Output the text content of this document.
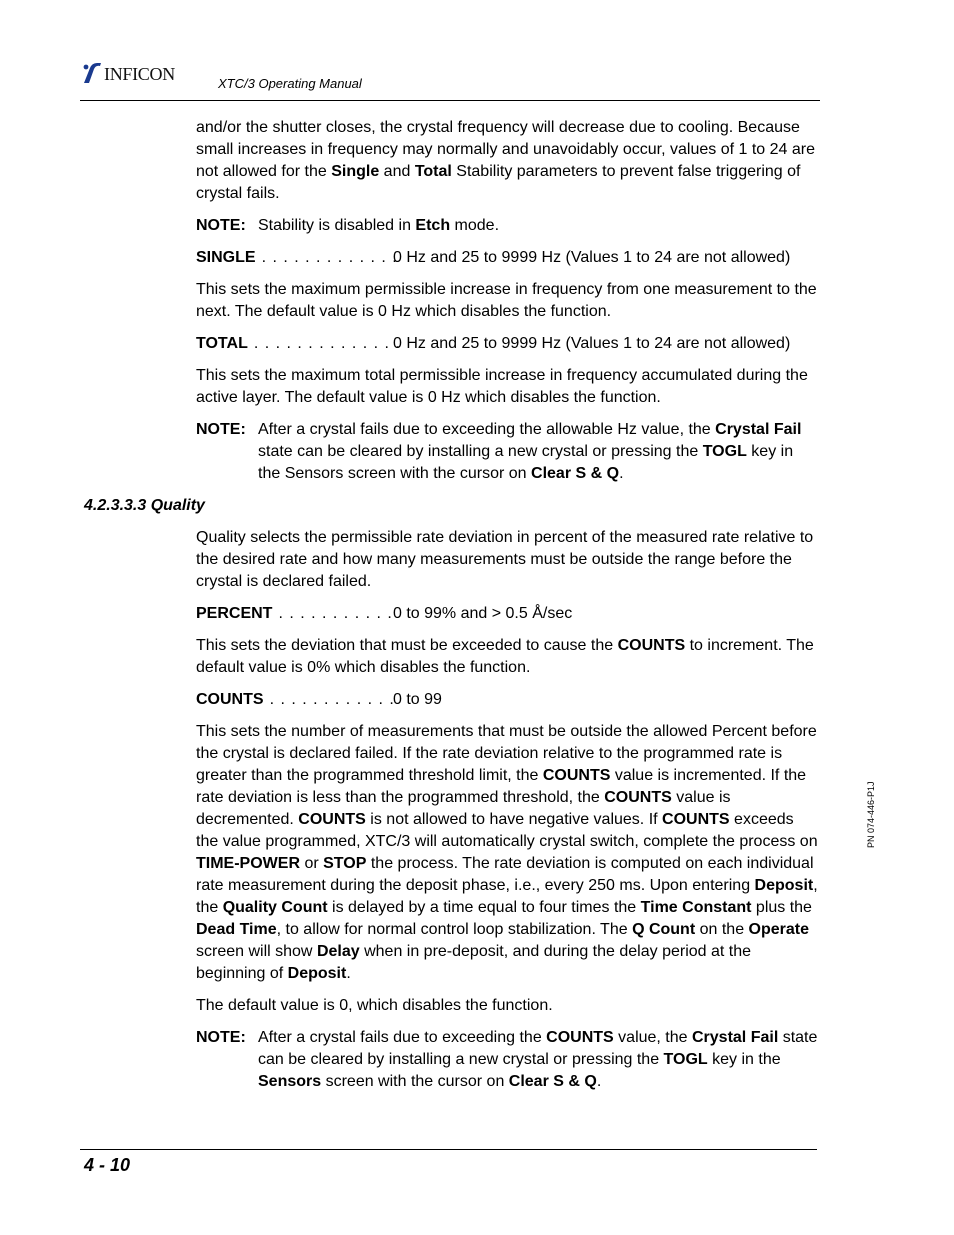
INFICON	XTC/3 Operating Manual

and/or the shutter closes, the crystal frequency will decrease due to cooling. Because small increases in frequency may normally and unavoidably occur, values of 1 to 24 are not allowed for the Single and Total Stability parameters to prevent false triggering of crystal fails.

NOTE: Stability is disabled in Etch mode.
SINGLE . . . . . . . . . . . . .
0 Hz and 25 to 9999 Hz (Values 1 to 24 are not allowed)

This sets the maximum permissible increase in frequency from one measurement to the next. The default value is 0 Hz which disables the function.

TOTAL . . . . . . . . . . . . . .
0 Hz and 25 to 9999 Hz (Values 1 to 24 are not allowed)

This sets the maximum total permissible increase in frequency accumulated during the active layer. The default value is 0 Hz which disables the function.

NOTE: After a crystal fails due to exceeding the allowable Hz value, the Crystal Fail state can be cleared by installing a new crystal or pressing the TOGL key in the Sensors screen with the cursor on Clear S & Q.
4.2.3.3.3 Quality

Quality selects the permissible rate deviation in percent of the measured rate relative to the desired rate and how many measurements must be outside the range before the crystal is declared failed.

PERCENT . . . . . . . . . . . 0 to 99% and > 0.5 Å/sec

This sets the deviation that must be exceeded to cause the COUNTS to increment. The default value is 0% which disables the function.

COUNTS . . . . . . . . . . . .
0 to 99

This sets the number of measurements that must be outside the allowed Percent before the crystal is declared failed. If the rate deviation relative to the programmed rate is greater than the programmed threshold limit, the COUNTS value is incremented. If the rate deviation is less than the programmed threshold, the COUNTS value is decremented. COUNTS is not allowed to have negative values. If COUNTS exceeds the value programmed, XTC/3 will automatically crystal switch, complete the process on TIME-POWER or STOP the process. The rate deviation is computed on each individual rate measurement during the deposit phase, i.e., every 250 ms. Upon entering Deposit, the Quality Count is delayed by a time equal to four times the Time Constant plus the Dead Time, to allow for normal control loop stabilization. The Q Count on the Operate screen will show Delay when in pre-deposit, and during the delay period at the beginning of Deposit.

The default value is 0, which disables the function.

NOTE: After a crystal fails due to exceeding the COUNTS value, the Crystal Fail state can be cleared by installing a new crystal or pressing the TOGL key in the Sensors screen with the cursor on Clear S & Q.
PN 074-446-P1J
4 - 10
